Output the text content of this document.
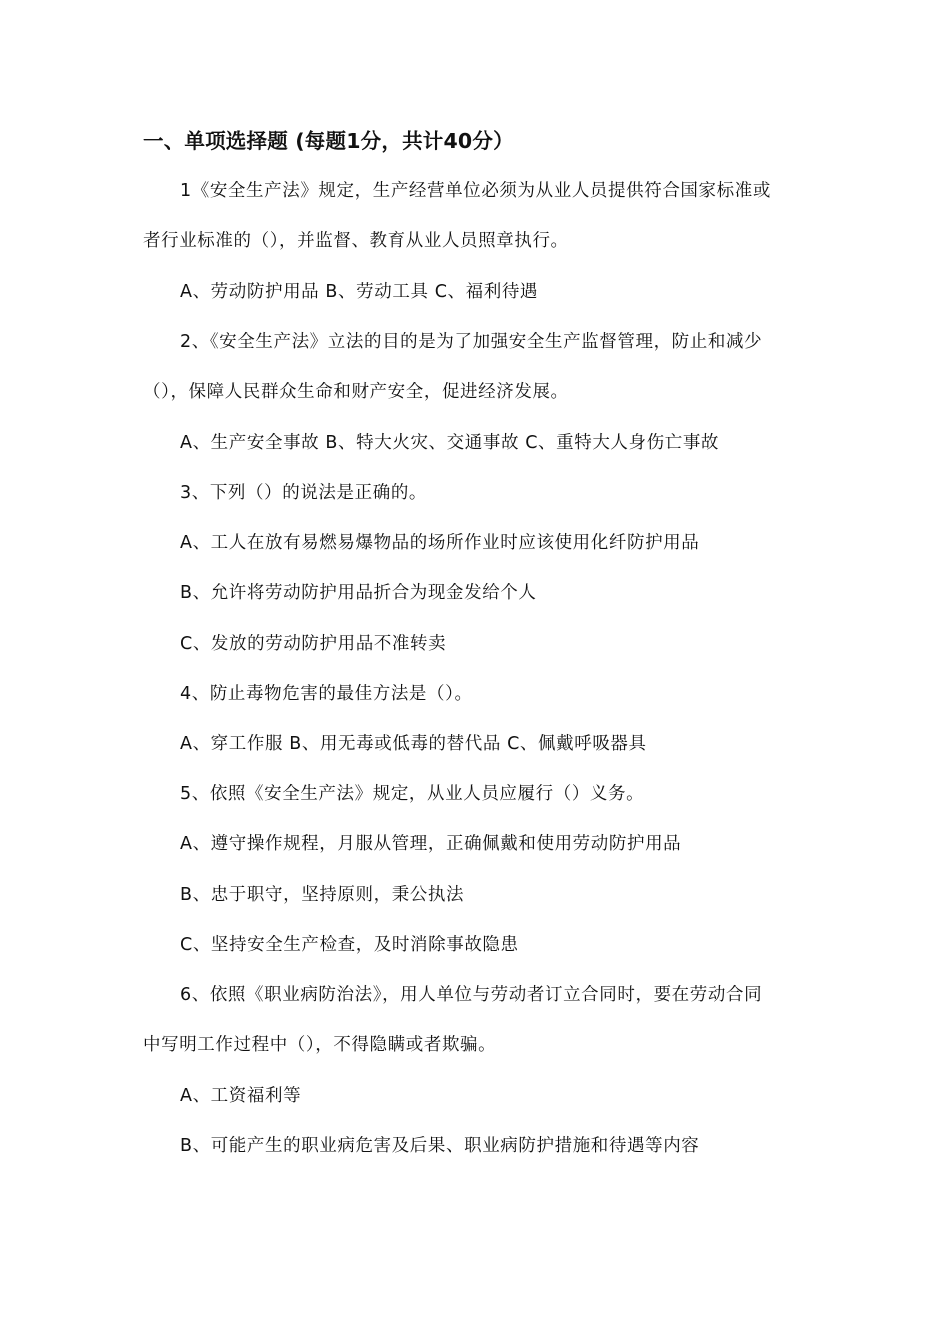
一、单项选择题 (每题1分，共计40分）
1《安全生产法》规定，生产经营单位必须为从业人员提供符合国家标准或
者行业标准的（），并监督、教育从业人员照章执行。
A、劳动防护用品 B、劳动工具 C、福利待遇
2、《安全生产法》立法的目的是为了加强安全生产监督管理，防止和减少
（），保障人民群众生命和财产安全，促进经济发展。
A、生产安全事故 B、特大火灾、交通事故 C、重特大人身伤亡事故
3、下列（）的说法是正确的。
A、工人在放有易燃易爆物品的场所作业时应该使用化纤防护用品
B、允许将劳动防护用品折合为现金发给个人
C、发放的劳动防护用品不准转卖
4、防止毒物危害的最佳方法是（）。
A、穿工作服 B、用无毒或低毒的替代品 C、佩戴呼吸器具
5、依照《安全生产法》规定，从业人员应履行（）义务。
A、遵守操作规程，月服从管理，正确佩戴和使用劳动防护用品
B、忠于职守，坚持原则，秉公执法
C、坚持安全生产检查，及时消除事故隐患
6、依照《职业病防治法》，用人单位与劳动者订立合同时，要在劳动合同
中写明工作过程中（），不得隐瞒或者欺骗。
A、工资福利等
B、可能产生的职业病危害及后果、职业病防护措施和待遇等内容
